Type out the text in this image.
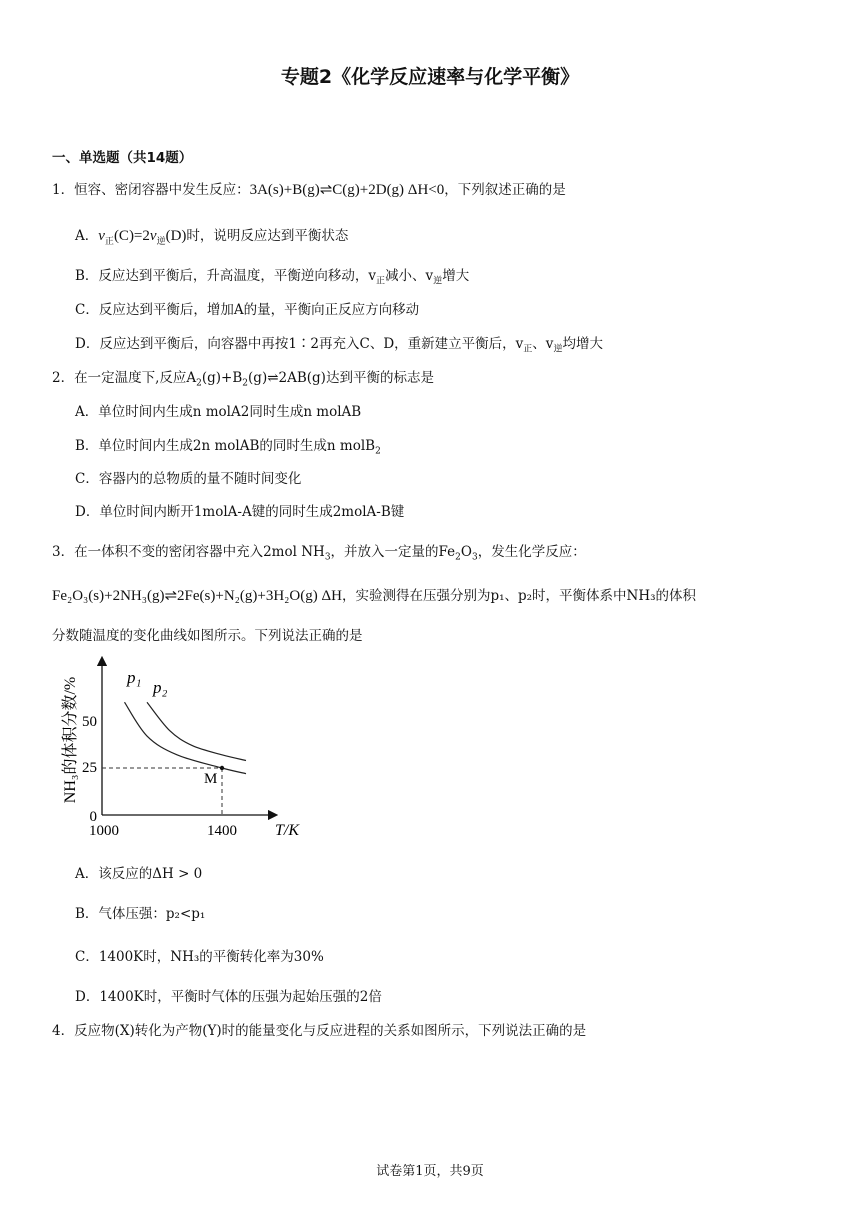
专题2《化学反应速率与化学平衡》
一、单选题（共14题）
1．恒容、密闭容器中发生反应：3A(s)+B(g)⇌C(g)+2D(g) ΔH<0，下列叙述正确的是
A．$v_正(C)=2v_逆(D)$时，说明反应达到平衡状态
B．反应达到平衡后，升高温度，平衡逆向移动，$v_正$减小、$v_逆$增大
C．反应达到平衡后，增加A的量，平衡向正反应方向移动
D．反应达到平衡后，向容器中再按1∶2再充入C、D，重新建立平衡后，$v_正$、$v_逆$均增大
2．在一定温度下,反应$A_2(g)+B_2(g)\rightleftharpoons 2AB(g)$达到平衡的标志是
A．单位时间内生成n molA2同时生成n molAB
B．单位时间内生成2n molAB的同时生成n molB$_2$
C．容器内的总物质的量不随时间变化
D．单位时间内断开1molA-A键的同时生成2molA-B键
3．在一体积不变的密闭容器中充入2mol $NH_3$，并放入一定量的$Fe_2O_3$，发生化学反应：
Fe₂O₃(s)+2NH₃(g)⇌2Fe(s)+N₂(g)+3H₂O(g) ΔH，实验测得在压强分别为p₁、p₂时，平衡体系中NH₃的体积
分数随温度的变化曲线如图所示。下列说法正确的是
NH₃的体积分数/% 50
25
0
1000	1400 T/K
p₁
p₂
M
A．该反应的ΔH > 0
B．气体压强：p₂<p₁
C．1400K时，NH₃的平衡转化率为30%
D．1400K时，平衡时气体的压强为起始压强的2倍
4．反应物(X)转化为产物(Y)时的能量变化与反应进程的关系如图所示，下列说法正确的是
试卷第1页，共9页
